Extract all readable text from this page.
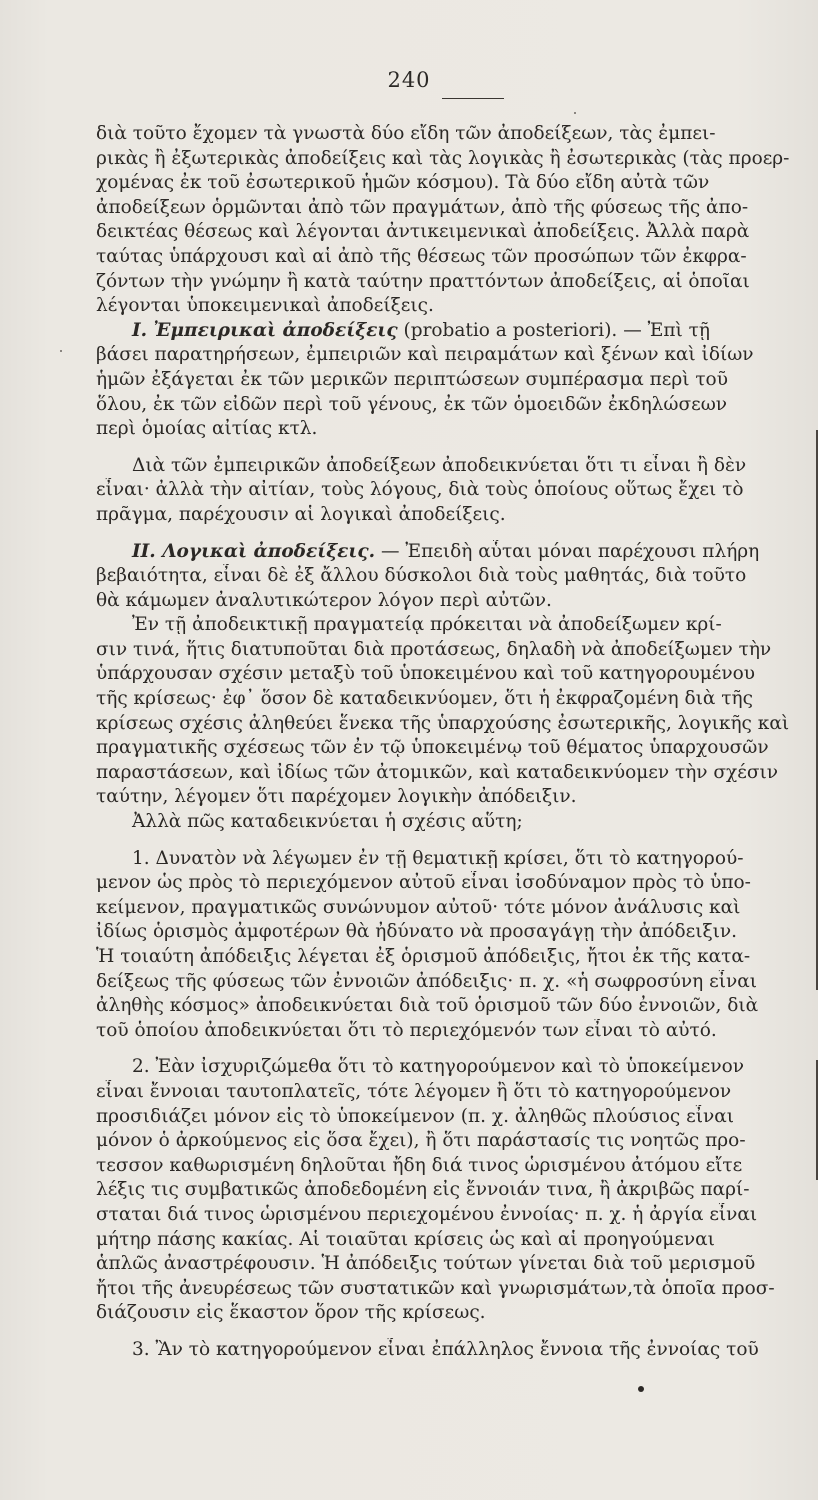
240
διὰ τοῦτο ἔχομεν τὰ γνωστὰ δύο εἴδη τῶν ἀποδείξεων, τὰς ἐμπει-
ρικὰς ἢ ἐξωτερικὰς ἀποδείξεις καὶ τὰς λογικὰς ἢ ἐσωτερικὰς (τὰς προερ-
χομένας ἐκ τοῦ ἐσωτερικοῦ ἡμῶν κόσμου). Τὰ δύο εἴδη αὐτὰ τῶν
ἀποδείξεων ὁρμῶνται ἀπὸ τῶν πραγμάτων, ἀπὸ τῆς φύσεως τῆς ἀπο-
δεικτέας θέσεως καὶ λέγονται ἀντικειμενικαὶ ἀποδείξεις. Ἀλλὰ παρὰ
ταύτας ὑπάρχουσι καὶ αἱ ἀπὸ τῆς θέσεως τῶν προσώπων τῶν ἐκφρα-
ζόντων τὴν γνώμην ἢ κατὰ ταύτην πραττόντων ἀποδείξεις, αἱ ὁποῖαι
λέγονται ὑποκειμενικαὶ ἀποδείξεις.
I. Ἐμπειρικαὶ ἀποδείξεις (probatio a posteriori). — Ἐπὶ τῇ
βάσει παρατηρήσεων, ἐμπειριῶν καὶ πειραμάτων καὶ ξένων καὶ ἰδίων
ἡμῶν ἐξάγεται ἐκ τῶν μερικῶν περιπτώσεων συμπέρασμα περὶ τοῦ
ὅλου, ἐκ τῶν εἰδῶν περὶ τοῦ γένους, ἐκ τῶν ὁμοειδῶν ἐκδηλώσεων
περὶ ὁμοίας αἰτίας κτλ.
Διὰ τῶν ἐμπειρικῶν ἀποδείξεων ἀποδεικνύεται ὅτι τι εἶναι ἢ δὲν
εἶναι· ἀλλὰ τὴν αἰτίαν, τοὺς λόγους, διὰ τοὺς ὁποίους οὕτως ἔχει τὸ
πρᾶγμα, παρέχουσιν αἱ λογικαὶ ἀποδείξεις.
II. Λογικαὶ ἀποδείξεις. — Ἐπειδὴ αὗται μόναι παρέχουσι πλήρη
βεβαιότητα, εἶναι δὲ ἐξ ἄλλου δύσκολοι διὰ τοὺς μαθητάς, διὰ τοῦτο
θὰ κάμωμεν ἀναλυτικώτερον λόγον περὶ αὐτῶν.
Ἐν τῇ ἀποδεικτικῇ πραγματείᾳ πρόκειται νὰ ἀποδείξωμεν κρί-
σιν τινά, ἥτις διατυποῦται διὰ προτάσεως, δηλαδὴ νὰ ἀποδείξωμεν τὴν
ὑπάρχουσαν σχέσιν μεταξὺ τοῦ ὑποκειμένου καὶ τοῦ κατηγορουμένου
τῆς κρίσεως· ἐφ᾽ ὅσον δὲ καταδεικνύομεν, ὅτι ἡ ἐκφραζομένη διὰ τῆς
κρίσεως σχέσις ἀληθεύει ἕνεκα τῆς ὑπαρχούσης ἐσωτερικῆς, λογικῆς καὶ
πραγματικῆς σχέσεως τῶν ἐν τῷ ὑποκειμένῳ τοῦ θέματος ὑπαρχουσῶν
παραστάσεων, καὶ ἰδίως τῶν ἀτομικῶν, καὶ καταδεικνύομεν τὴν σχέσιν
ταύτην, λέγομεν ὅτι παρέχομεν λογικὴν ἀπόδειξιν.
Ἀλλὰ πῶς καταδεικνύεται ἡ σχέσις αὕτη;
1. Δυνατὸν νὰ λέγωμεν ἐν τῇ θεματικῇ κρίσει, ὅτι τὸ κατηγορού-
μενον ὡς πρὸς τὸ περιεχόμενον αὐτοῦ εἶναι ἰσοδύναμον πρὸς τὸ ὑπο-
κείμενον, πραγματικῶς συνώνυμον αὐτοῦ· τότε μόνον ἀνάλυσις καὶ
ἰδίως ὁρισμὸς ἀμφοτέρων θὰ ἠδύνατο νὰ προσαγάγῃ τὴν ἀπόδειξιν.
Ἡ τοιαύτη ἀπόδειξις λέγεται ἐξ ὁρισμοῦ ἀπόδειξις, ἤτοι ἐκ τῆς κατα-
δείξεως τῆς φύσεως τῶν ἐννοιῶν ἀπόδειξις· π. χ. «ἡ σωφροσύνη εἶναι
ἀληθὴς κόσμος» ἀποδεικνύεται διὰ τοῦ ὁρισμοῦ τῶν δύο ἐννοιῶν, διὰ
τοῦ ὁποίου ἀποδεικνύεται ὅτι τὸ περιεχόμενόν των εἶναι τὸ αὐτό.
2. Ἐὰν ἰσχυριζώμεθα ὅτι τὸ κατηγορούμενον καὶ τὸ ὑποκείμενον
εἶναι ἔννοιαι ταυτοπλατεῖς, τότε λέγομεν ἢ ὅτι τὸ κατηγορούμενον
προσιδιάζει μόνον εἰς τὸ ὑποκείμενον (π. χ. ἀληθῶς πλούσιος εἶναι
μόνον ὁ ἀρκούμενος εἰς ὅσα ἔχει), ἢ ὅτι παράστασίς τις νοητῶς προ-
τεσσον καθωρισμένη δηλοῦται ἤδη διά τινος ὡρισμένου ἀτόμου εἴτε
λέξις τις συμβατικῶς ἀποδεδομένη εἰς ἔννοιάν τινα, ἢ ἀκριβῶς παρί-
σταται διά τινος ὡρισμένου περιεχομένου ἐννοίας· π. χ. ἡ ἀργία εἶναι
μήτηρ πάσης κακίας. Αἱ τοιαῦται κρίσεις ὡς καὶ αἱ προηγούμεναι
ἁπλῶς ἀναστρέφουσιν. Ἡ ἀπόδειξις τούτων γίνεται διὰ τοῦ μερισμοῦ
ἤτοι τῆς ἀνευρέσεως τῶν συστατικῶν καὶ γνωρισμάτων,τὰ ὁποῖα προσ-
διάζουσιν εἰς ἕκαστον ὅρον τῆς κρίσεως.
3. Ἂν τὸ κατηγορούμενον εἶναι ἐπάλληλος ἔννοια τῆς ἐννοίας τοῦ
